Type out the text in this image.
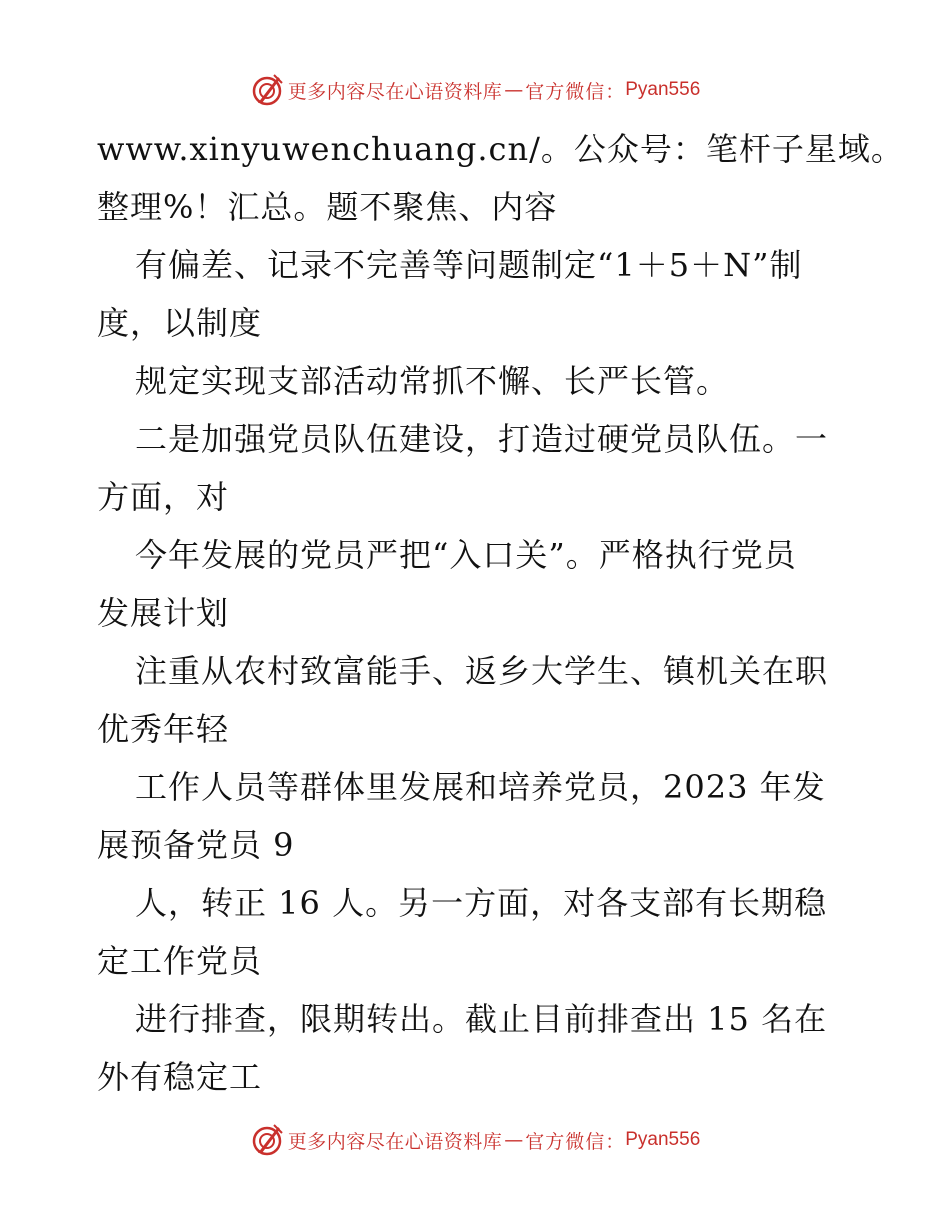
更多内容尽在心语资料库 — 官方微信： Pyan556
www.xinyuwenchuang.cn/。公众号：笔杆子星域。
整理%！汇总。题不聚焦、内容
有偏差、记录不完善等问题制定“1＋5＋N”制
度，以制度
规定实现支部活动常抓不懈、长严长管。
二是加强党员队伍建设，打造过硬党员队伍。一
方面，对
今年发展的党员严把“入口关”。严格执行党员
发展计划
注重从农村致富能手、返乡大学生、镇机关在职
优秀年轻
工作人员等群体里发展和培养党员，2023 年发
展预备党员 9
人，转正 16 人。另一方面，对各支部有长期稳
定工作党员
进行排查，限期转出。截止目前排查出 15 名在
外有稳定工
更多内容尽在心语资料库 — 官方微信： Pyan556
